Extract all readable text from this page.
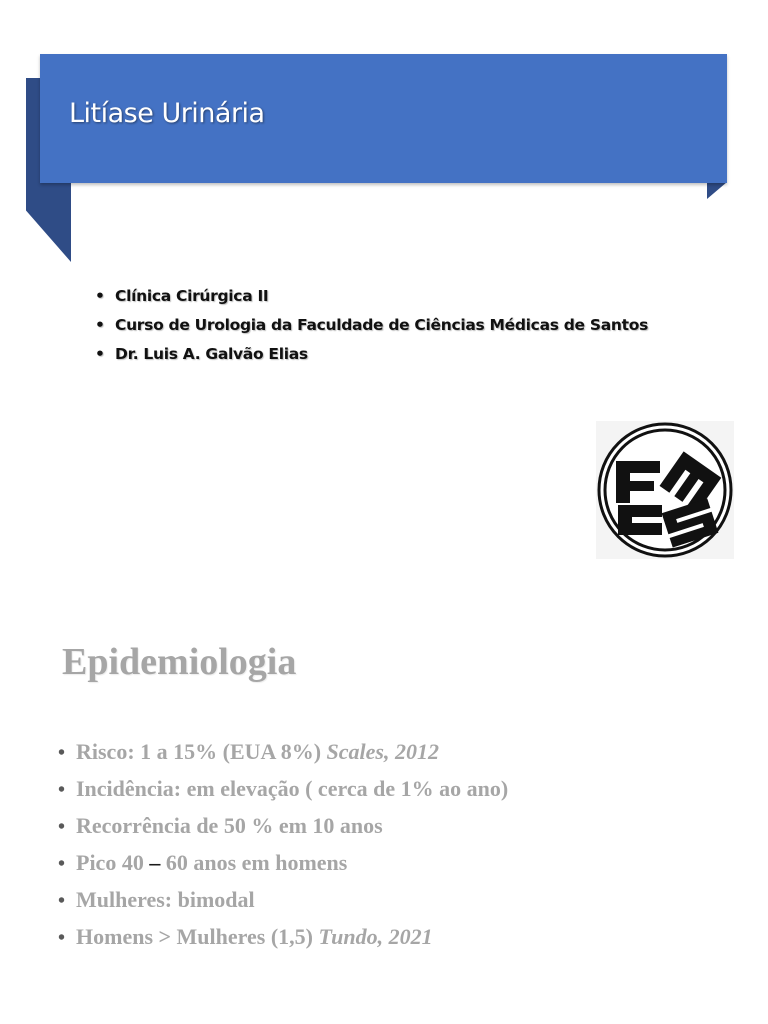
Litíase Urinária
• Clínica Cirúrgica II
• Curso de Urologia da Faculdade de Ciências Médicas de Santos
• Dr. Luis A. Galvão Elias
Epidemiologia
• Risco: 1 a 15% (EUA 8%) Scales, 2012
• Incidência: em elevação ( cerca de 1% ao ano)
• Recorrência de 50 % em 10 anos
• Pico 40 – 60 anos em homens
• Mulheres: bimodal
• Homens > Mulheres (1,5) Tundo, 2021
